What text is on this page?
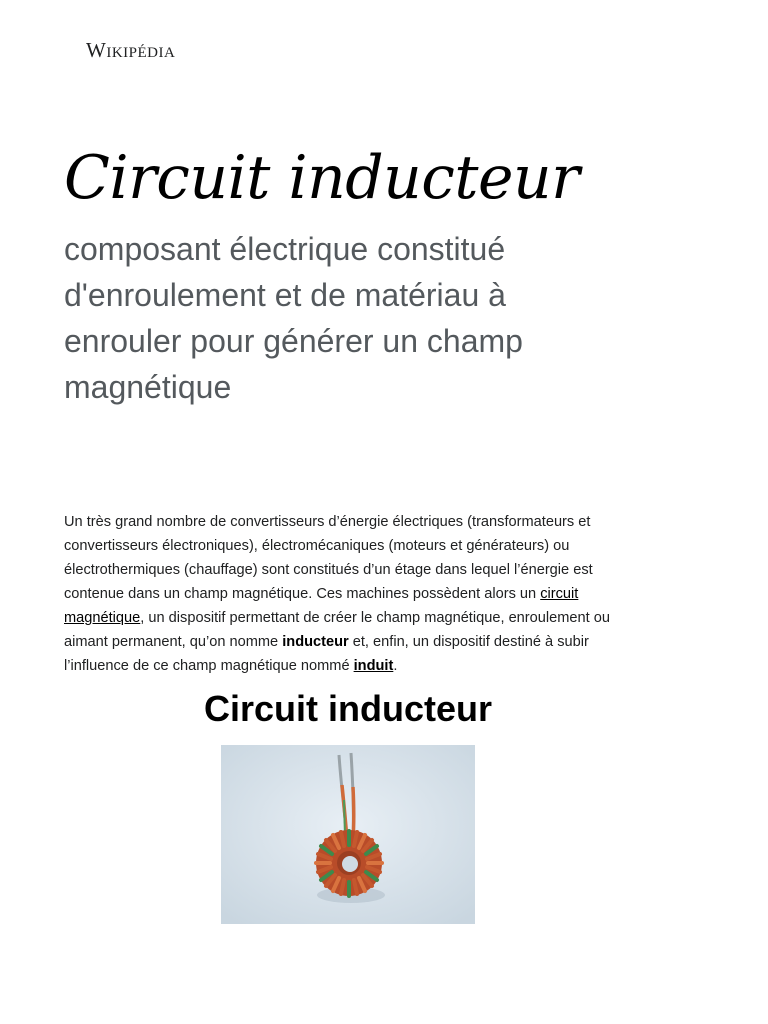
Wikipédia
Circuit inducteur

composant électrique constitué d'enroulement et de matériau à enrouler pour générer un champ magnétique

Un très grand nombre de convertisseurs d’énergie électriques (transformateurs et convertisseurs électroniques), électromécaniques (moteurs et générateurs) ou électrothermiques (chauffage) sont constitués d’un étage dans lequel l’énergie est contenue dans un champ magnétique. Ces machines possèdent alors un circuit magnétique, un dispositif permettant de créer le champ magnétique, enroulement ou aimant permanent, qu’on nomme inducteur et, enfin, un dispositif destiné à subir l’influence de ce champ magnétique nommé induit.

Circuit inducteur
